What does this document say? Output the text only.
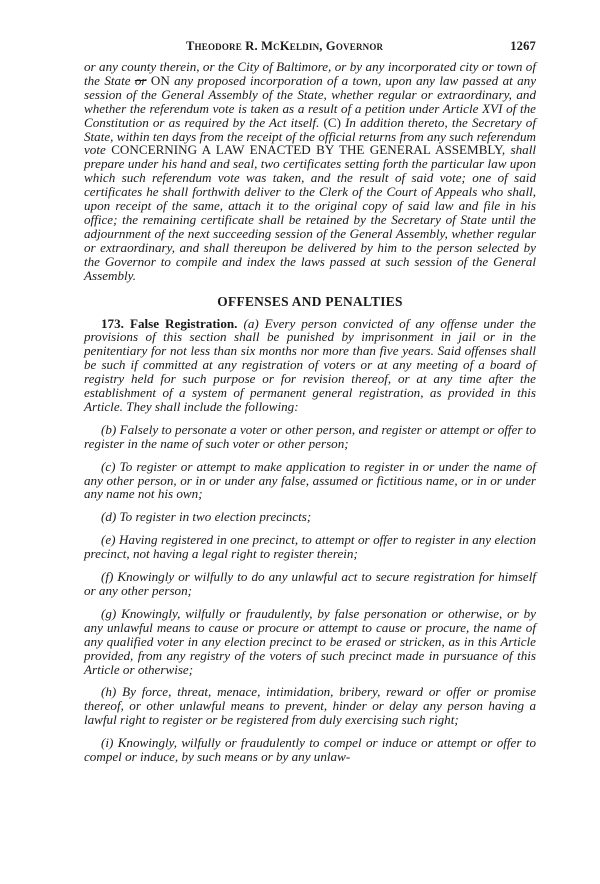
Theodore R. McKeldin, Governor	1267

or any county therein, or the City of Baltimore, or by any incorporated city or town of the State or ON any proposed incorporation of a town, upon any law passed at any session of the General Assembly of the State, whether regular or extraordinary, and whether the referendum vote is taken as a result of a petition under Article XVI of the Constitution or as required by the Act itself. (C) In addition thereto, the Secretary of State, within ten days from the receipt of the official returns from any such referendum vote CONCERNING A LAW ENACTED BY THE GENERAL ASSEMBLY, shall prepare under his hand and seal, two certificates setting forth the particular law upon which such referendum vote was taken, and the result of said vote; one of said certificates he shall forthwith deliver to the Clerk of the Court of Appeals who shall, upon receipt of the same, attach it to the original copy of said law and file in his office; the remaining certificate shall be retained by the Secretary of State until the adjournment of the next succeeding session of the General Assembly, whether regular or extraordinary, and shall thereupon be delivered by him to the person selected by the Governor to compile and index the laws passed at such session of the General Assembly.

OFFENSES AND PENALTIES

173. False Registration. (a) Every person convicted of any offense under the provisions of this section shall be punished by imprisonment in jail or in the penitentiary for not less than six months nor more than five years. Said offenses shall be such if committed at any registration of voters or at any meeting of a board of registry held for such purpose or for revision thereof, or at any time after the establishment of a system of permanent general registration, as provided in this Article. They shall include the following:

(b) Falsely to personate a voter or other person, and register or attempt or offer to register in the name of such voter or other person;

(c) To register or attempt to make application to register in or under the name of any other person, or in or under any false, assumed or fictitious name, or in or under any name not his own;

(d) To register in two election precincts;

(e) Having registered in one precinct, to attempt or offer to register in any election precinct, not having a legal right to register therein;

(f) Knowingly or wilfully to do any unlawful act to secure registration for himself or any other person;

(g) Knowingly, wilfully or fraudulently, by false personation or otherwise, or by any unlawful means to cause or procure or attempt to cause or procure, the name of any qualified voter in any election precinct to be erased or stricken, as in this Article provided, from any registry of the voters of such precinct made in pursuance of this Article or otherwise;

(h) By force, threat, menace, intimidation, bribery, reward or offer or promise thereof, or other unlawful means to prevent, hinder or delay any person having a lawful right to register or be registered from duly exercising such right;

(i) Knowingly, wilfully or fraudulently to compel or induce or attempt or offer to compel or induce, by such means or by any unlaw-
